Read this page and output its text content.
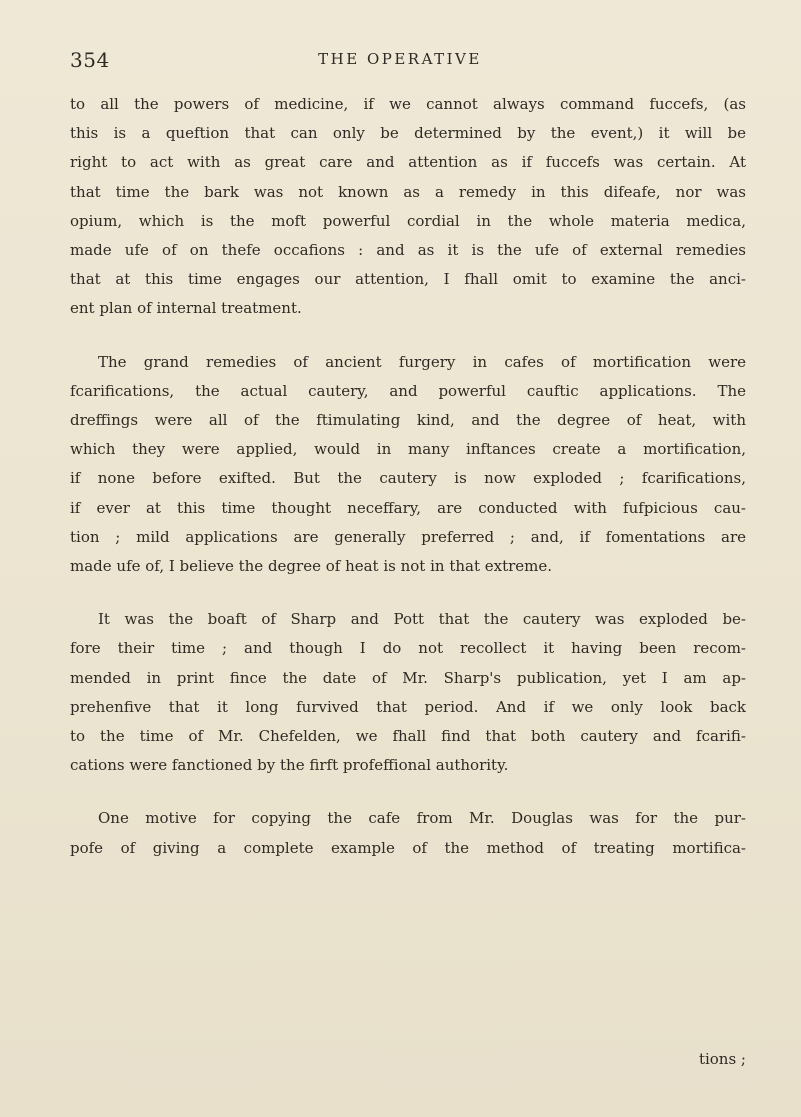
354	THE OPERATIVE

to all the powers of medicine, if we cannot always command fuccefs, (as
this is a queftion that can only be determined by the event,) it will be
right to act with as great care and attention as if fuccefs was certain. At
that time the bark was not known as a remedy in this difeafe, nor was
opium, which is the moft powerful cordial in the whole materia medica,
made ufe of on thefe occafions : and as it is the ufe of external remedies
that at this time engages our attention, I fhall omit to examine the anci-
ent plan of internal treatment.

The grand remedies of ancient furgery in cafes of mortification were
fcarifications, the actual cautery, and powerful cauftic applications. The
dreffings were all of the ftimulating kind, and the degree of heat, with
which they were applied, would in many inftances create a mortification,
if none before exifted. But the cautery is now exploded ; fcarifications,
if ever at this time thought neceffary, are conducted with fufpicious cau-
tion ; mild applications are generally preferred ; and, if fomentations are
made ufe of, I believe the degree of heat is not in that extreme.

It was the boaft of Sharp and Pott that the cautery was exploded be-
fore their time ; and though I do not recollect it having been recom-
mended in print fince the date of Mr. Sharp's publication, yet I am ap-
prehenfive that it long furvived that period. And if we only look back
to the time of Mr. Chefelden, we fhall find that both cautery and fcarifi-
cations were fanctioned by the firft profeffional authority.

One motive for copying the cafe from Mr. Douglas was for the pur-
pofe of giving a complete example of the method of treating mortifica-

tions ;
